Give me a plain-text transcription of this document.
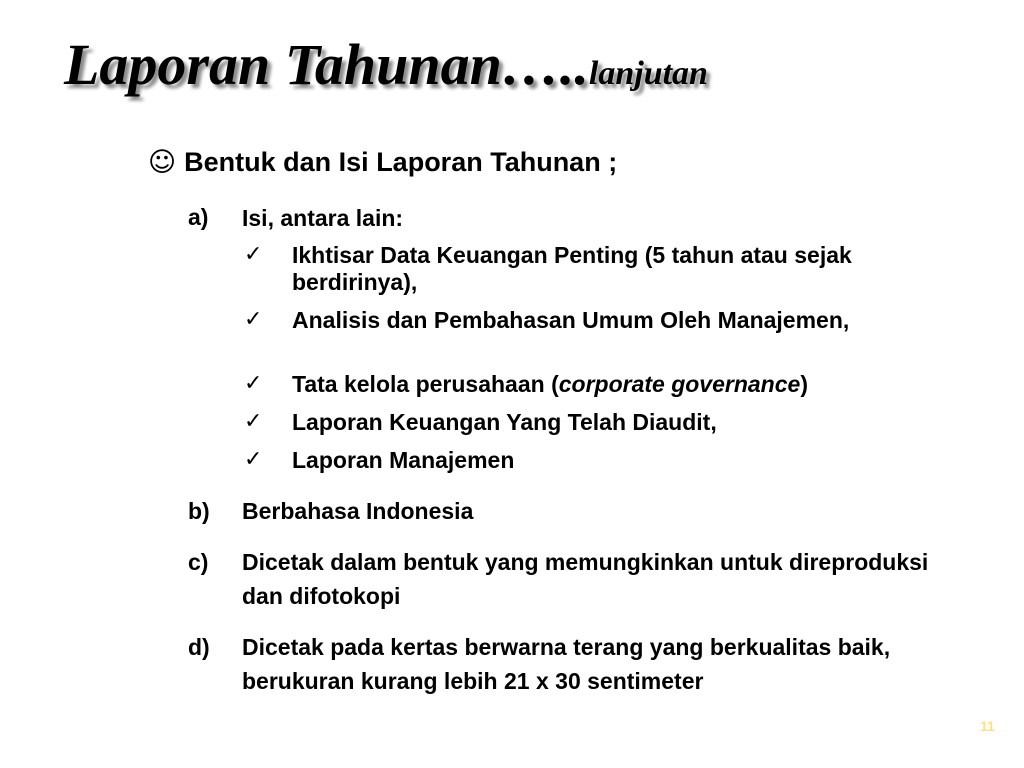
Laporan Tahunan…..lanjutan
☺ Bentuk dan Isi Laporan Tahunan ;
a) Isi, antara lain:
✓ Ikhtisar Data Keuangan Penting (5 tahun atau sejak berdirinya),
✓ Analisis dan Pembahasan Umum Oleh Manajemen,
✓ Tata kelola perusahaan (corporate governance)
✓ Laporan Keuangan Yang Telah Diaudit,
✓ Laporan Manajemen
b) Berbahasa Indonesia
c) Dicetak dalam bentuk yang memungkinkan untuk direproduksi dan difotokopi
d) Dicetak pada kertas berwarna terang yang berkualitas baik, berukuran kurang lebih 21 x 30 sentimeter
11
